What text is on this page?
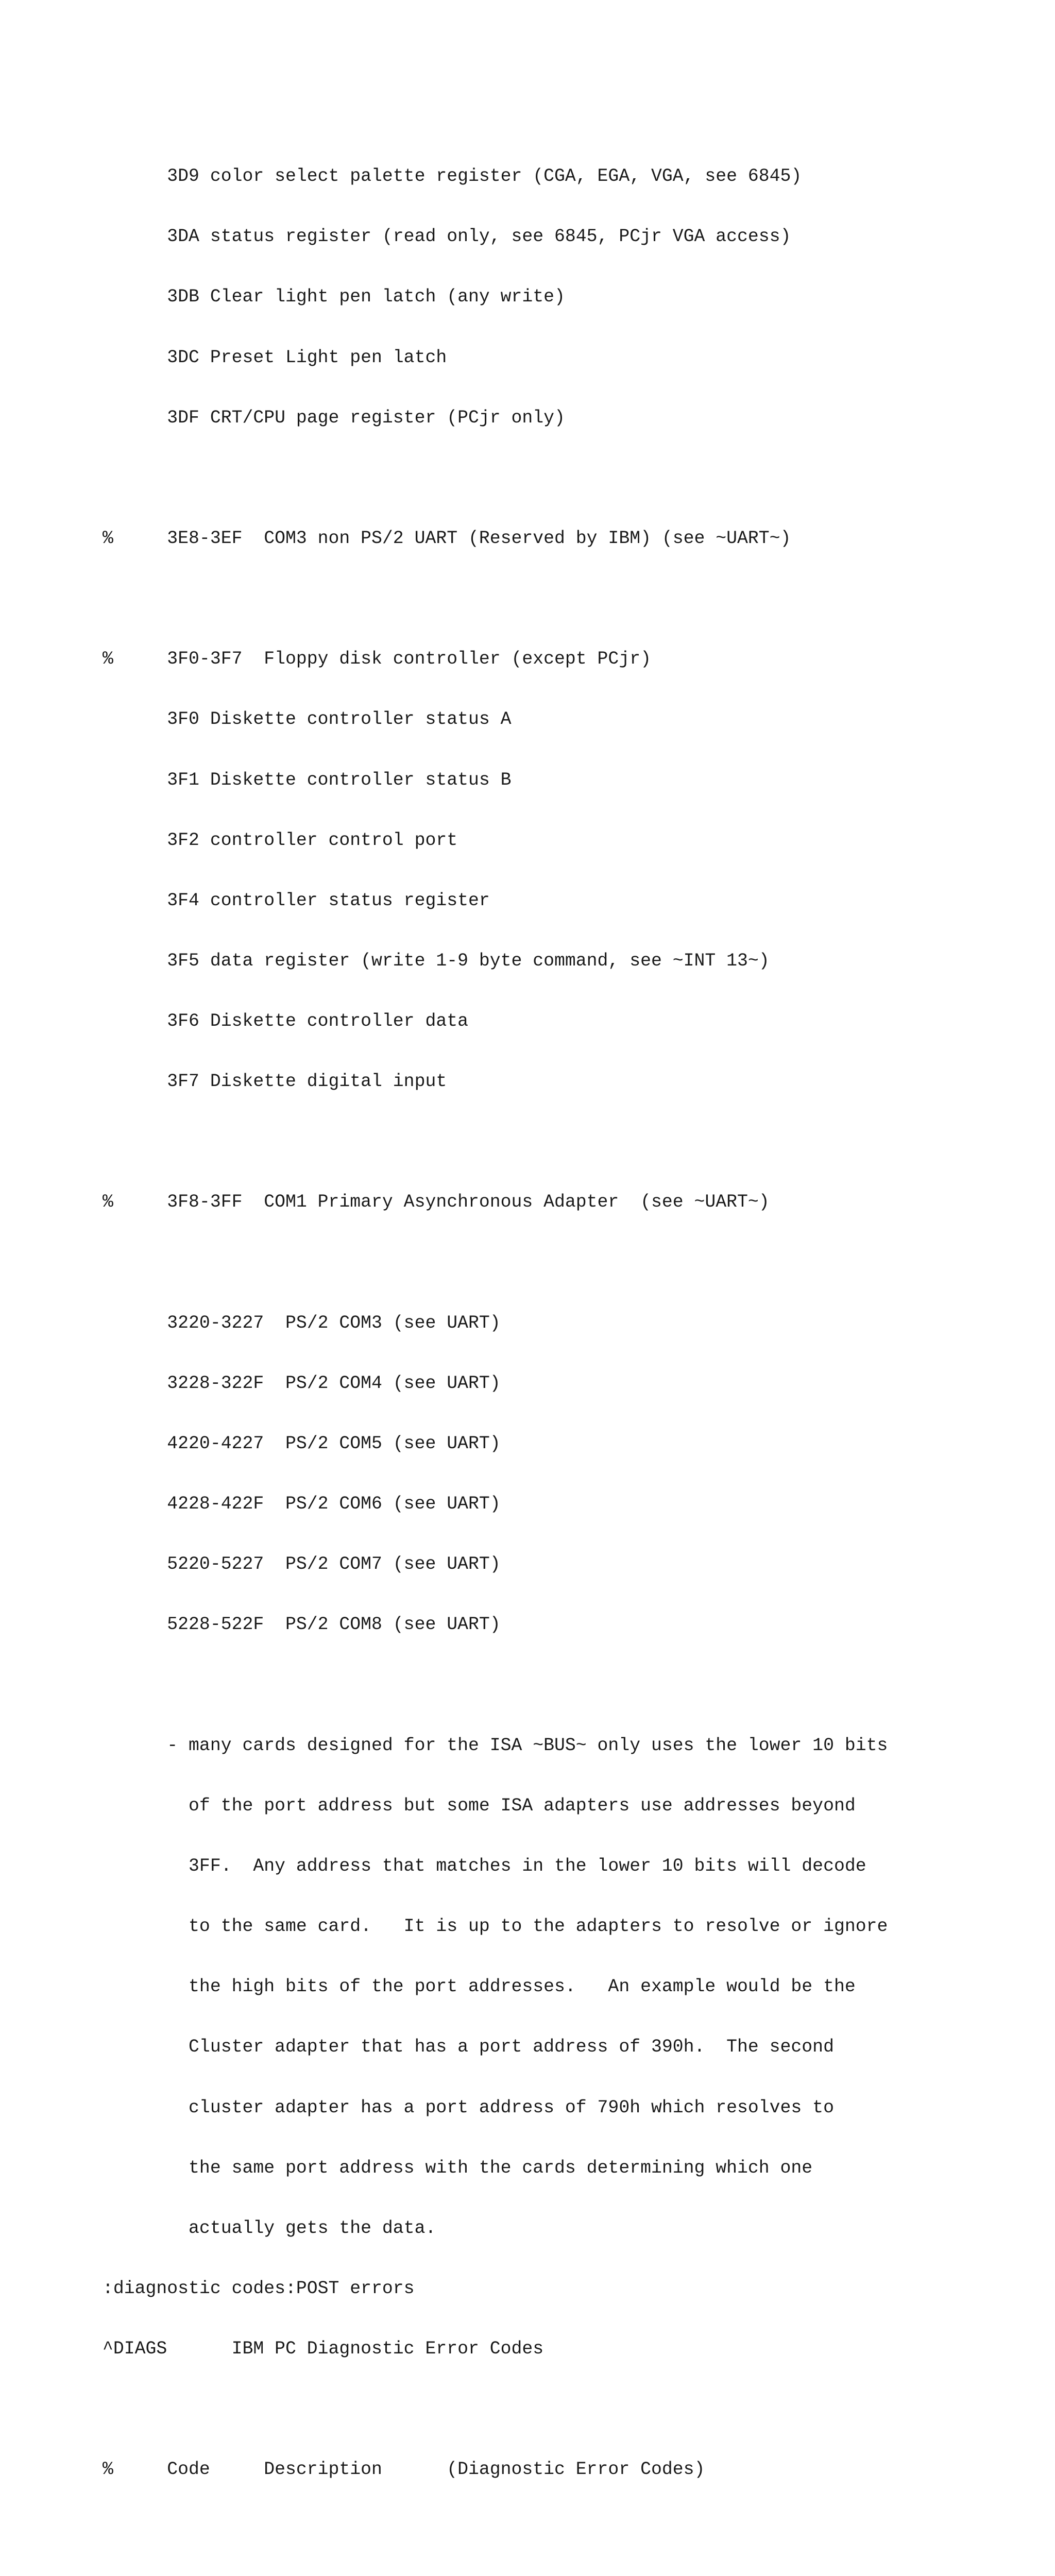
3D9 color select palette register (CGA, EGA, VGA, see 6845)

3DA status register (read only, see 6845, PCjr VGA access)

3DB Clear light pen latch (any write)

3DC Preset Light pen latch

3DF CRT/CPU page register (PCjr only)

%     3E8-3EF  COM3 non PS/2 UART (Reserved by IBM) (see ~UART~)

%     3F0-3F7  Floppy disk controller (except PCjr)

3F0 Diskette controller status A

3F1 Diskette controller status B

3F2 controller control port

3F4 controller status register

3F5 data register (write 1-9 byte command, see ~INT 13~)

3F6 Diskette controller data

3F7 Diskette digital input

%     3F8-3FF  COM1 Primary Asynchronous Adapter  (see ~UART~)

3220-3227  PS/2 COM3 (see UART)

3228-322F  PS/2 COM4 (see UART)

4220-4227  PS/2 COM5 (see UART)

4228-422F  PS/2 COM6 (see UART)

5220-5227  PS/2 COM7 (see UART)

5228-522F  PS/2 COM8 (see UART)

- many cards designed for the ISA ~BUS~ only uses the lower 10 bits

of the port address but some ISA adapters use addresses beyond

3FF.  Any address that matches in the lower 10 bits will decode

to the same card.   It is up to the adapters to resolve or ignore

the high bits of the port addresses.   An example would be the

Cluster adapter that has a port address of 390h.  The second

cluster adapter has a port address of 790h which resolves to

the same port address with the cards determining which one

actually gets the data.

:diagnostic codes:POST errors

^DIAGS      IBM PC Diagnostic Error Codes

%     Code     Description      (Diagnostic Error Codes)
